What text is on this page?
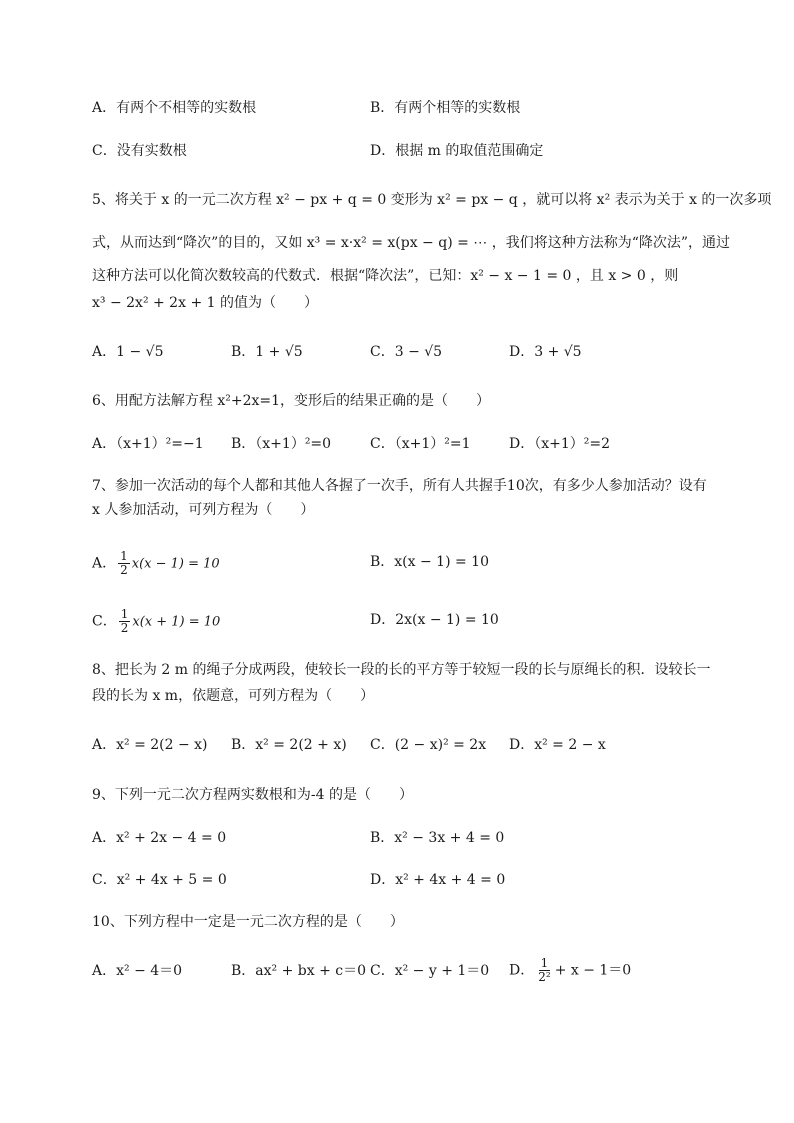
A．有两个不相等的实数根	B．有两个相等的实数根
C．没有实数根	D．根据 m 的取值范围确定
5、将关于 x 的一元二次方程 x² − px + q = 0 变形为 x² = px − q ，就可以将 x² 表示为关于 x 的一次多项
式，从而达到“降次”的目的，又如 x³ = x·x² = x(px − q) = ⋯ ，我们将这种方法称为“降次法”，通过
这种方法可以化简次数较高的代数式．根据“降次法”，已知：x² − x − 1 = 0 ，且 x > 0 ，则
x³ − 2x² + 2x + 1 的值为（　　）
A．1 − √5	B．1 + √5	C．3 − √5	D．3 + √5
6、用配方法解方程 x²+2x=1，变形后的结果正确的是（　　）
A．（x+1）²=−1 B．（x+1）²=0	C．（x+1）²=1	D．（x+1）²=2
7、参加一次活动的每个人都和其他人各握了一次手，所有人共握手10次，有多少人参加活动？设有
x 人参加活动，可列方程为（　　）
A． $\frac{1}{2} x(x - 1) = 10$	B．x(x − 1) = 10
C． $\frac{1}{2} x(x + 1) = 10$	D．2x(x − 1) = 10
8、把长为 2 m 的绳子分成两段，使较长一段的长的平方等于较短一段的长与原绳长的积．设较长一
段的长为 x m，依题意，可列方程为（　　）
A．x² = 2(2 − x) B．x² = 2(2 + x) C．(2 − x)² = 2x D．x² = 2 − x
9、下列一元二次方程两实数根和为-4 的是（　　）
A．x² + 2x − 4 = 0	B．x² − 3x + 4 = 0
C．x² + 4x + 5 = 0	D．x² + 4x + 4 = 0
10、下列方程中一定是一元二次方程的是（　　）
A．x² − 4＝0	B．ax² + bx + c＝0 C．x² − y + 1＝0 D． $\frac{1}{\text{2²}} + x - 1=0$
